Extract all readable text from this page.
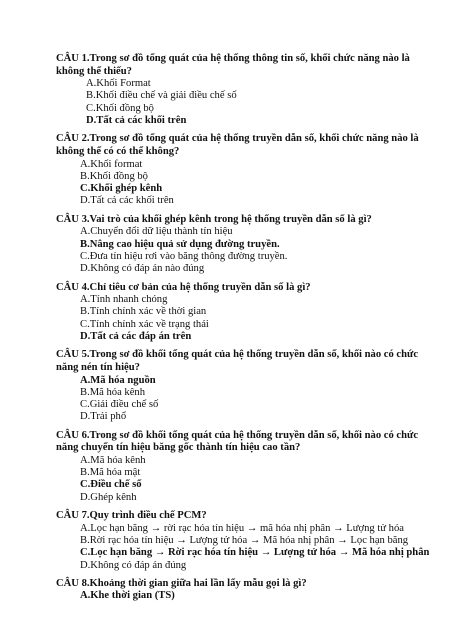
CÂU 1.Trong sơ đồ tổng quát của hệ thống thông tin số, khối chức năng nào là không thể thiếu?

A.Khối Format
B.Khối điều chế và giải điều chế số
C.Khối đồng bộ
D.Tất cả các khối trên

CÂU 2.Trong sơ đồ tổng quát của hệ thống truyền dẫn số, khối chức năng nào là không thể có có thể không?

A.Khối format
B.Khối đồng bộ
C.Khối ghép kênh
D.Tất cả các khối trên

CÂU 3.Vai trò của khối ghép kênh trong hệ thống truyền dẫn số là gì?

A.Chuyển đổi dữ liệu thành tín hiệu
B.Nâng cao hiệu quả sử dụng đường truyền.
C.Đưa tín hiệu rơi vào băng thông đường truyền.
D.Không có đáp án nào đúng

CÂU 4.Chỉ tiêu cơ bản của hệ thống truyền dẫn số là gì?

A.Tính nhanh chóng
B.Tính chính xác về thời gian
C.Tính chính xác về trạng thái
D.Tất cả các đáp án trên

CÂU 5.Trong sơ đồ khối tổng quát của hệ thống truyền dẫn số, khối nào có chức năng nén tín hiệu?

A.Mã hóa nguồn
B.Mã hóa kênh
C.Giải điều chế số
D.Trải phổ

CÂU 6.Trong sơ đồ khối tổng quát của hệ thống truyền dẫn số, khối nào có chức năng chuyển tín hiệu băng gốc thành tín hiệu cao tần?

A.Mã hóa kênh
B.Mã hóa mật
C.Điều chế số
D.Ghép kênh

CÂU 7.Quy trình điều chế PCM?

A.Lọc hạn băng → rời rạc hóa tín hiệu → mã hóa nhị phân → Lượng tử hóa
B.Rời rạc hóa tín hiệu → Lượng tử hóa → Mã hóa nhị phân → Lọc hạn băng
C.Lọc hạn băng → Rời rạc hóa tín hiệu → Lượng tử hóa → Mã hóa nhị phân
D.Không có đáp án đúng

CÂU 8.Khoảng thời gian giữa hai lần lấy mẫu gọi là gì?

A.Khe thời gian (TS)
